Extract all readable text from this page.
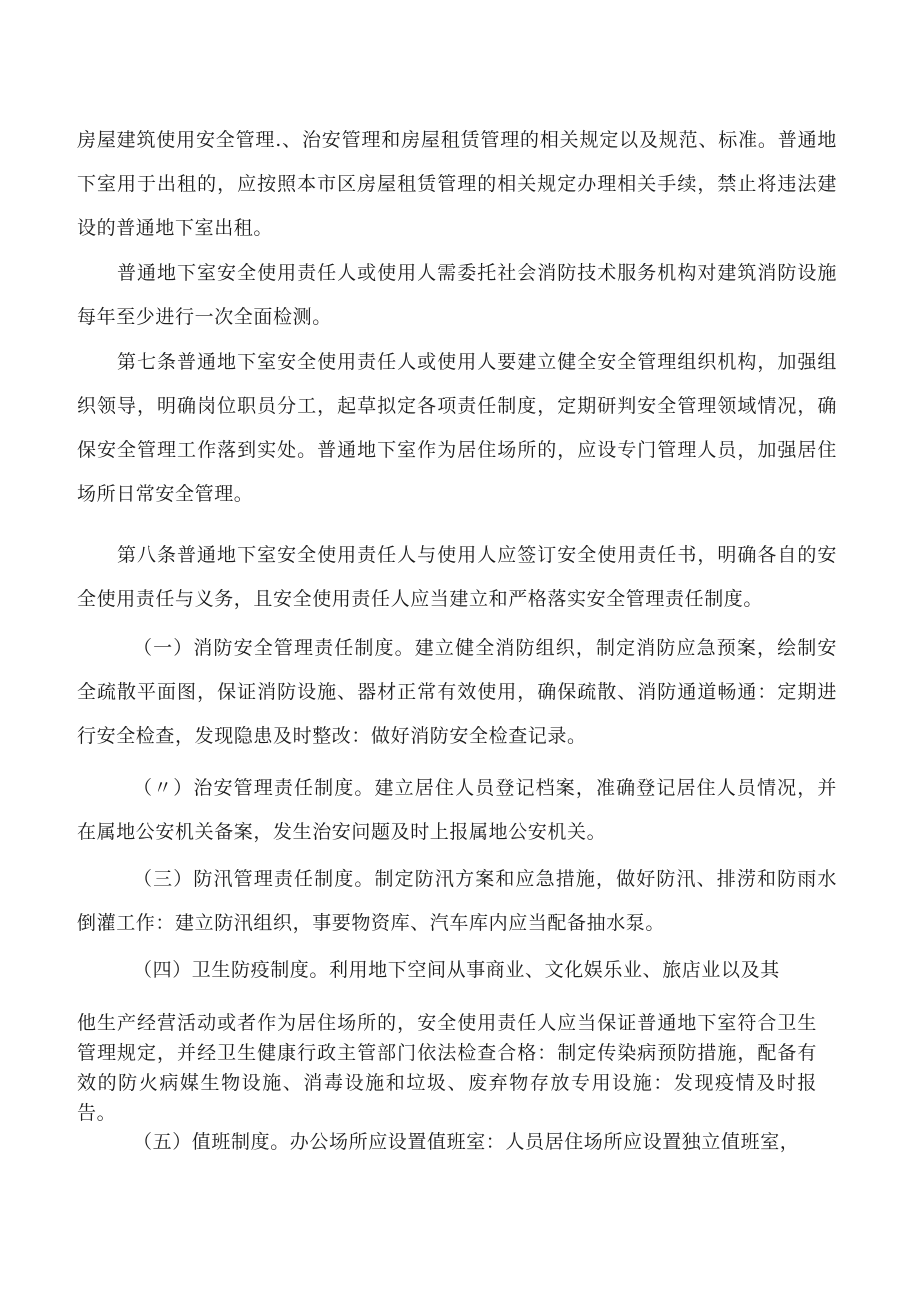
房屋建筑使用安全管理.、治安管理和房屋租赁管理的相关规定以及规范、标准。普通地下室用于出租的，应按照本市区房屋租赁管理的相关规定办理相关手续，禁止将违法建设的普通地下室出租。

普通地下室安全使用责任人或使用人需委托社会消防技术服务机构对建筑消防设施每年至少进行一次全面检测。

第七条普通地下室安全使用责任人或使用人要建立健全安全管理组织机构，加强组织领导，明确岗位职员分工，起草拟定各项责任制度，定期研判安全管理领域情况，确保安全管理工作落到实处。普通地下室作为居住场所的，应设专门管理人员，加强居住场所日常安全管理。

第八条普通地下室安全使用责任人与使用人应签订安全使用责任书，明确各自的安全使用责任与义务，且安全使用责任人应当建立和严格落实安全管理责任制度。

（一）消防安全管理责任制度。建立健全消防组织，制定消防应急预案，绘制安全疏散平面图，保证消防设施、器材正常有效使用，确保疏散、消防通道畅通：定期进行安全检查，发现隐患及时整改：做好消防安全检查记录。

（〃）治安管理责任制度。建立居住人员登记档案，准确登记居住人员情况，并在属地公安机关备案，发生治安问题及时上报属地公安机关。

（三）防汛管理责任制度。制定防汛方案和应急措施，做好防汛、排涝和防雨水倒灌工作：建立防汛组织，事要物资库、汽车库内应当配备抽水泵。

（四）卫生防疫制度。利用地下空间从事商业、文化娱乐业、旅店业以及其

他生产经营活动或者作为居住场所的，安全使用责任人应当保证普通地下室符合卫生管理规定，并经卫生健康行政主管部门依法检查合格：制定传染病预防措施，配备有效的防火病媒生物设施、消毒设施和垃圾、废弃物存放专用设施：发现疫情及时报告。

（五）值班制度。办公场所应设置值班室：人员居住场所应设置独立值班室，
